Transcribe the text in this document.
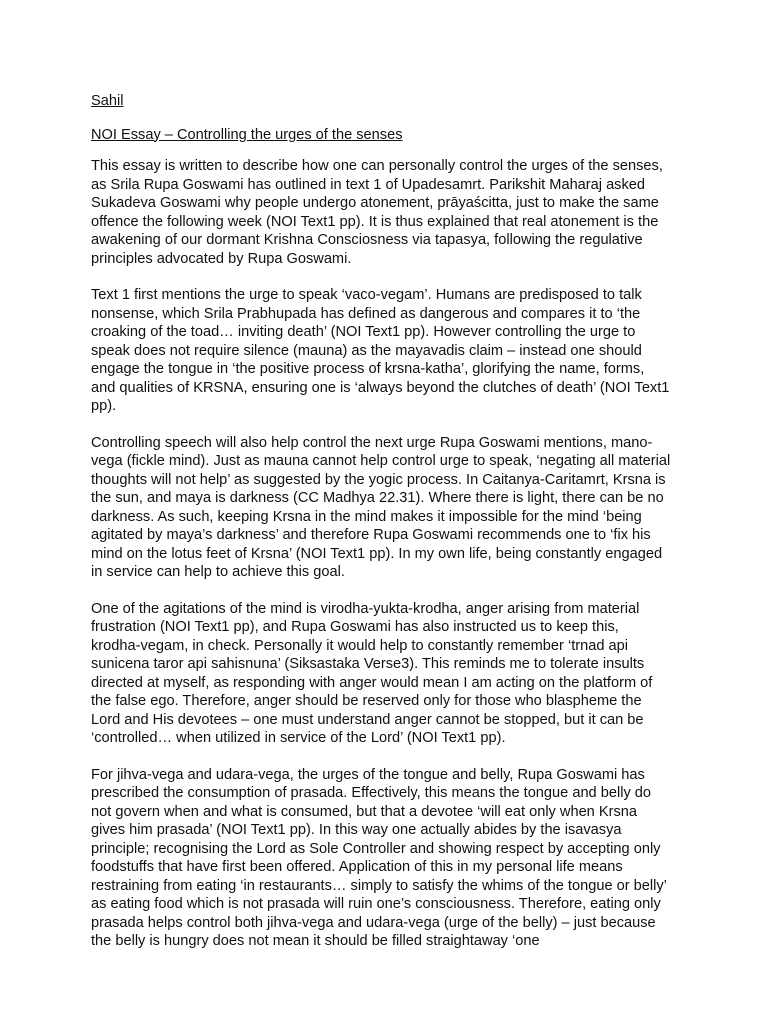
Sahil

NOI Essay – Controlling the urges of the senses

This essay is written to describe how one can personally control the urges of the senses, as Srila Rupa Goswami has outlined in text 1 of Upadesamrt. Parikshit Maharaj asked Sukadeva Goswami why people undergo atonement, prāyaścitta, just to make the same offence the following week (NOI Text1 pp). It is thus explained that real atonement is the awakening of our dormant Krishna Consciosness via tapasya, following the regulative principles advocated by Rupa Goswami.

Text 1 first mentions the urge to speak ‘vaco-vegam’. Humans are predisposed to talk nonsense, which Srila Prabhupada has defined as dangerous and compares it to ‘the croaking of the toad… inviting death’ (NOI Text1 pp). However controlling the urge to speak does not require silence (mauna) as the mayavadis claim – instead one should engage the tongue in ‘the positive process of krsna-katha’, glorifying the name, forms, and qualities of KRSNA, ensuring one is ‘always beyond the clutches of death’ (NOI Text1 pp).

Controlling speech will also help control the next urge Rupa Goswami mentions, mano-vega (fickle mind). Just as mauna cannot help control urge to speak, ‘negating all material thoughts will not help’ as suggested by the yogic process. In Caitanya-Caritamrt, Krsna is the sun, and maya is darkness (CC Madhya 22.31). Where there is light, there can be no darkness. As such, keeping Krsna in the mind makes it impossible for the mind ‘being agitated by maya’s darkness’ and therefore Rupa Goswami recommends one to ‘fix his mind on the lotus feet of Krsna’ (NOI Text1 pp). In my own life, being constantly engaged in service can help to achieve this goal.

One of the agitations of the mind is virodha-yukta-krodha, anger arising from material frustration (NOI Text1 pp), and Rupa Goswami has also instructed us to keep this, krodha-vegam, in check. Personally it would help to constantly remember ‘trnad api sunicena taror api sahisnuna’ (Siksastaka Verse3). This reminds me to tolerate insults directed at myself, as responding with anger would mean I am acting on the platform of the false ego. Therefore, anger should be reserved only for those who blaspheme the Lord and His devotees – one must understand anger cannot be stopped, but it can be ‘controlled… when utilized in service of the Lord’ (NOI Text1 pp).

For jihva-vega and udara-vega, the urges of the tongue and belly, Rupa Goswami has prescribed the consumption of prasada. Effectively, this means the tongue and belly do not govern when and what is consumed, but that a devotee ‘will eat only when Krsna gives him prasada’ (NOI Text1 pp). In this way one actually abides by the isavasya principle; recognising the Lord as Sole Controller and showing respect by accepting only foodstuffs that have first been offered. Application of this in my personal life means restraining from eating ‘in restaurants… simply to satisfy the whims of the tongue or belly’ as eating food which is not prasada will ruin one’s consciousness. Therefore, eating only prasada helps control both jihva-vega and udara-vega (urge of the belly) – just because the belly is hungry does not mean it should be filled straightaway ‘one
